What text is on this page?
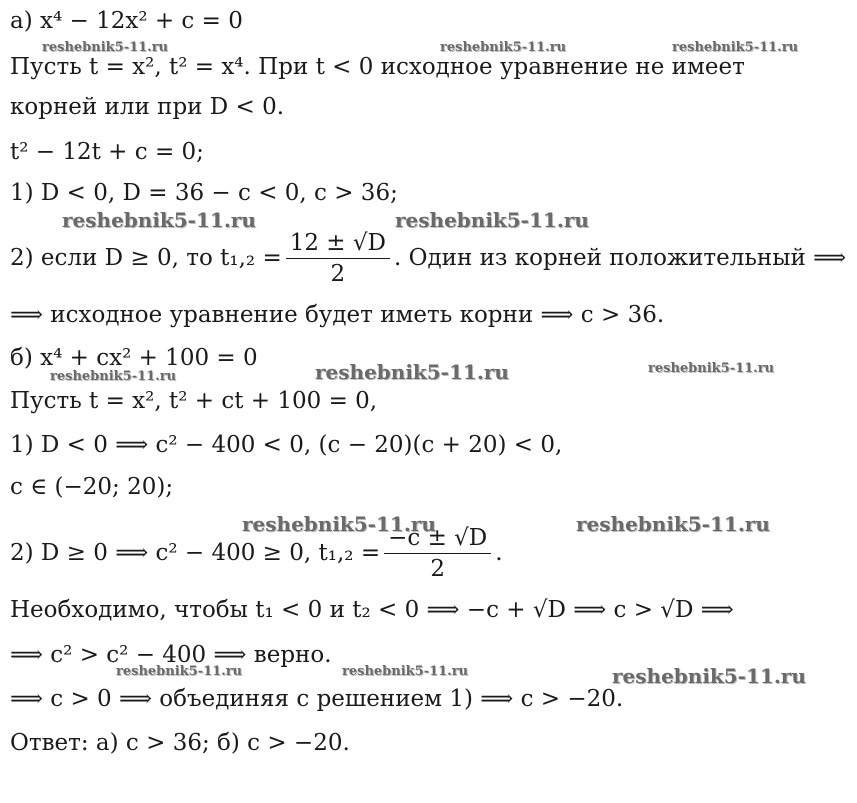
reshebnik5-11.ru	reshebnik5-11.ru	reshebnik5-11.ru
reshebnik5-11.ru	reshebnik5-11.ru
reshebnik5-11.ru	reshebnik5-11.ru	reshebnik5-11.ru
reshebnik5-11.ru	reshebnik5-11.ru
reshebnik5-11.ru	reshebnik5-11.ru	reshebnik5-11.ru
а) x⁴ − 12x² + c = 0
Пусть t = x², t² = x⁴. При t < 0 исходное уравнение не имеет
корней или при D < 0.
t² − 12t + c = 0;
1) D < 0, D = 36 − c < 0, c > 36;
2) если D ≥ 0, то $t_1,_2 = \frac{12 \pm √D}{2}$ . Один из корней положительный ⟹
⟹ исходное уравнение будет иметь корни ⟹ c > 36.
б) x⁴ + cx² + 100 = 0
Пусть t = x², t² + ct + 100 = 0,
1) D < 0 ⟹ c² − 400 < 0, (c − 20)(c + 20) < 0,
c ∈ (−20; 20);
2) D ≥ 0 ⟹ c² − 400 ≥ 0, $t_1,_2 = \frac{-c \pm √D}{2}$ .
Необходимо, чтобы t₁ < 0 и t₂ < 0 ⟹ −c + √D ⟹ c > √D ⟹
⟹ c² > c² − 400 ⟹ верно.
⟹ c > 0 ⟹ объединяя с решением 1) ⟹ c > −20.
Ответ: а) c > 36; б) c > −20.
